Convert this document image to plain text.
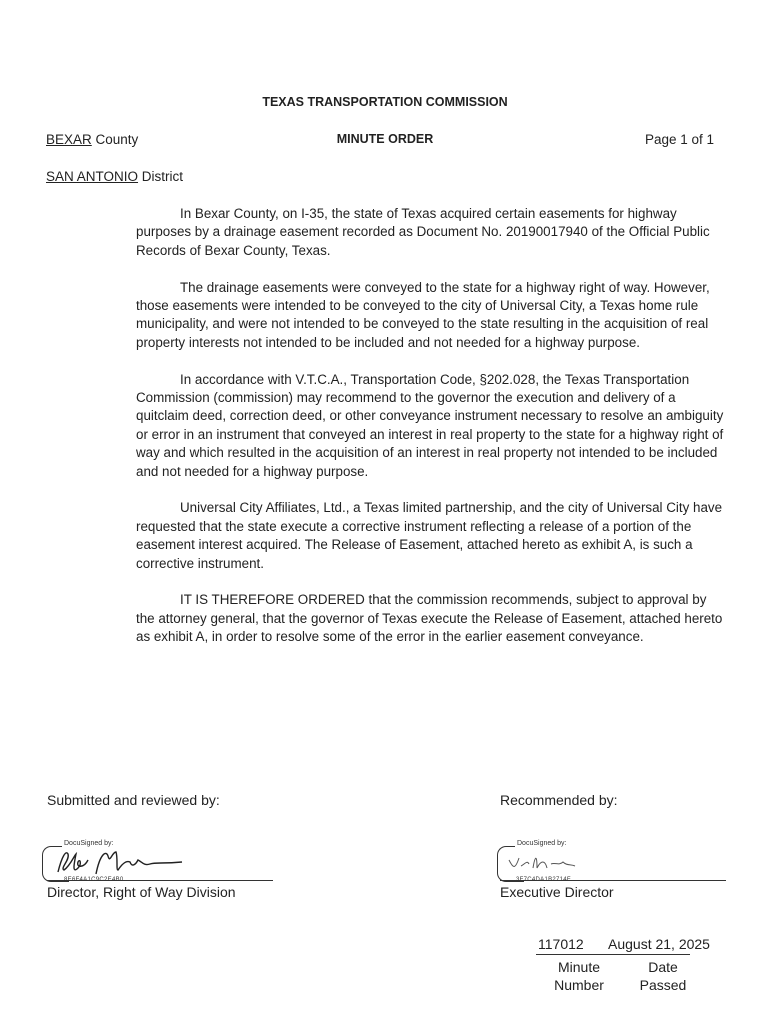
TEXAS TRANSPORTATION COMMISSION
BEXAR County	MINUTE ORDER	Page 1 of 1
SAN ANTONIO District

In Bexar County, on I-35, the state of Texas acquired certain easements for highway purposes by a drainage easement recorded as Document No. 20190017940 of the Official Public Records of Bexar County, Texas.

The drainage easements were conveyed to the state for a highway right of way. However, those easements were intended to be conveyed to the city of Universal City, a Texas home rule municipality, and were not intended to be conveyed to the state resulting in the acquisition of real property interests not intended to be included and not needed for a highway purpose.

In accordance with V.T.C.A., Transportation Code, §202.028, the Texas Transportation Commission (commission) may recommend to the governor the execution and delivery of a quitclaim deed, correction deed, or other conveyance instrument necessary to resolve an ambiguity or error in an instrument that conveyed an interest in real property to the state for a highway right of way and which resulted in the acquisition of an interest in real property not intended to be included and not needed for a highway purpose.

Universal City Affiliates, Ltd., a Texas limited partnership, and the city of Universal City have requested that the state execute a corrective instrument reflecting a release of a portion of the easement interest acquired. The Release of Easement, attached hereto as exhibit A, is such a corrective instrument.

IT IS THEREFORE ORDERED that the commission recommends, subject to approval by the attorney general, that the governor of Texas execute the Release of Easement, attached hereto as exhibit A, in order to resolve some of the error in the earlier easement conveyance.

Submitted and reviewed by:
DocuSigned by:
8E6F4A1C9C2E4B0...
Director, Right of Way Division
Recommended by:
DocuSigned by:
3F7C4DA1B2714F...
Executive Director
117012 August 21, 2025
Minute
Number
Date
Passed
